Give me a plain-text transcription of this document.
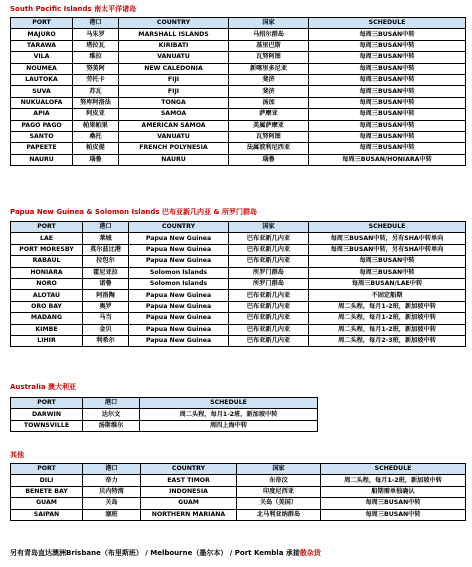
South Pacific Islands 南太平洋诸岛
PORT	港口	COUNTRY	国家	SCHEDULE
MAJURO	马朱罗	MARSHALL ISLANDS	马绍尔群岛	每周三BUSAN中转
TARAWA	塔拉瓦	KIRIBATI	基里巴斯	每周三BUSAN中转
VILA	维拉	VANUATU	瓦努阿图	每周三BUSAN中转
NOUMEA	努美阿	NEW CALEDONIA	新喀里多尼亚	每周三BUSAN中转
LAUTOKA	劳托卡	FIJI	斐济	每周三BUSAN中转
SUVA	苏瓦	FIJI	斐济	每周三BUSAN中转
NUKUALOFA	努库阿洛法	TONGA	汤加	每周三BUSAN中转
APIA	阿皮亚	SAMOA	萨摩亚	每周三BUSAN中转
PAGO PAGO	帕果帕果	AMERICAN SAMOA	美属萨摩亚	每周三BUSAN中转
SANTO	桑托	VANUATU	瓦努阿图	每周三BUSAN中转
PAPEETE	帕皮提	FRENCH POLYNESIA	法属波利尼西亚	每周三BUSAN中转
NAURU	瑙鲁	NAURU	瑙鲁	每周三BUSAN/HONIARA中转
Papua New Guinea & Solomon Islands 巴布亚新几内亚 & 所罗门群岛
PORT	港口	COUNTRY	国家	SCHEDULE
LAE	莱城	Papua New Guinea	巴布亚新几内亚	每周三BUSAN中转，另有SHA中转单向
PORT MORESBY	莫尔兹比港	Papua New Guinea	巴布亚新几内亚	每周三BUSAN中转，另有SHA中转单向
RABAUL	拉包尔	Papua New Guinea	巴布亚新几内亚	每周三BUSAN中转
HONIARA	霍尼亚拉	Solomon Islands	所罗门群岛	每周三BUSAN中转
NORO	诺鲁	Solomon Islands	所罗门群岛	每周三BUSAN/LAE中转
ALOTAU	阿洛陶	Papua New Guinea	巴布亚新几内亚	不固定船期
ORO BAY	奥罗	Papua New Guinea	巴布亚新几内亚	周二头程，每月1-2班，新加坡中转
MADANG	马当	Papua New Guinea	巴布亚新几内亚	周二头程，每月1-2班，新加坡中转
KIMBE	金贝	Papua New Guinea	巴布亚新几内亚	周二头程，每月1-2班，新加坡中转
LIHIR	利希尔	Papua New Guinea	巴布亚新几内亚	周二头程，每月2-3班，新加坡中转
Australia 澳大利亚
PORT	港口	SCHEDULE
DARWIN	达尔文	周二头程，每月1-2班，新加坡中转
TOWNSVILLE	汤斯维尔	周四上海中转
其他
PORT	港口	COUNTRY	国家	SCHEDULE
DILI	帝力	EAST TIMOR	东帝汶	周二头程，每月1-2班，新加坡中转
BENETE BAY	贝内特湾	INDONESIA	印度尼西亚	船期需单独确认
GUAM	关岛	GUAM	关岛（美国）	每周三BUSAN中转
SAIPAN	塞班	NORTHERN MARIANA	北马利亚纳群岛	每周三BUSAN中转
另有青岛直达澳洲Brisbane（布里斯班） / Melbourne（墨尔本） / Port Kembla 承接散杂货
